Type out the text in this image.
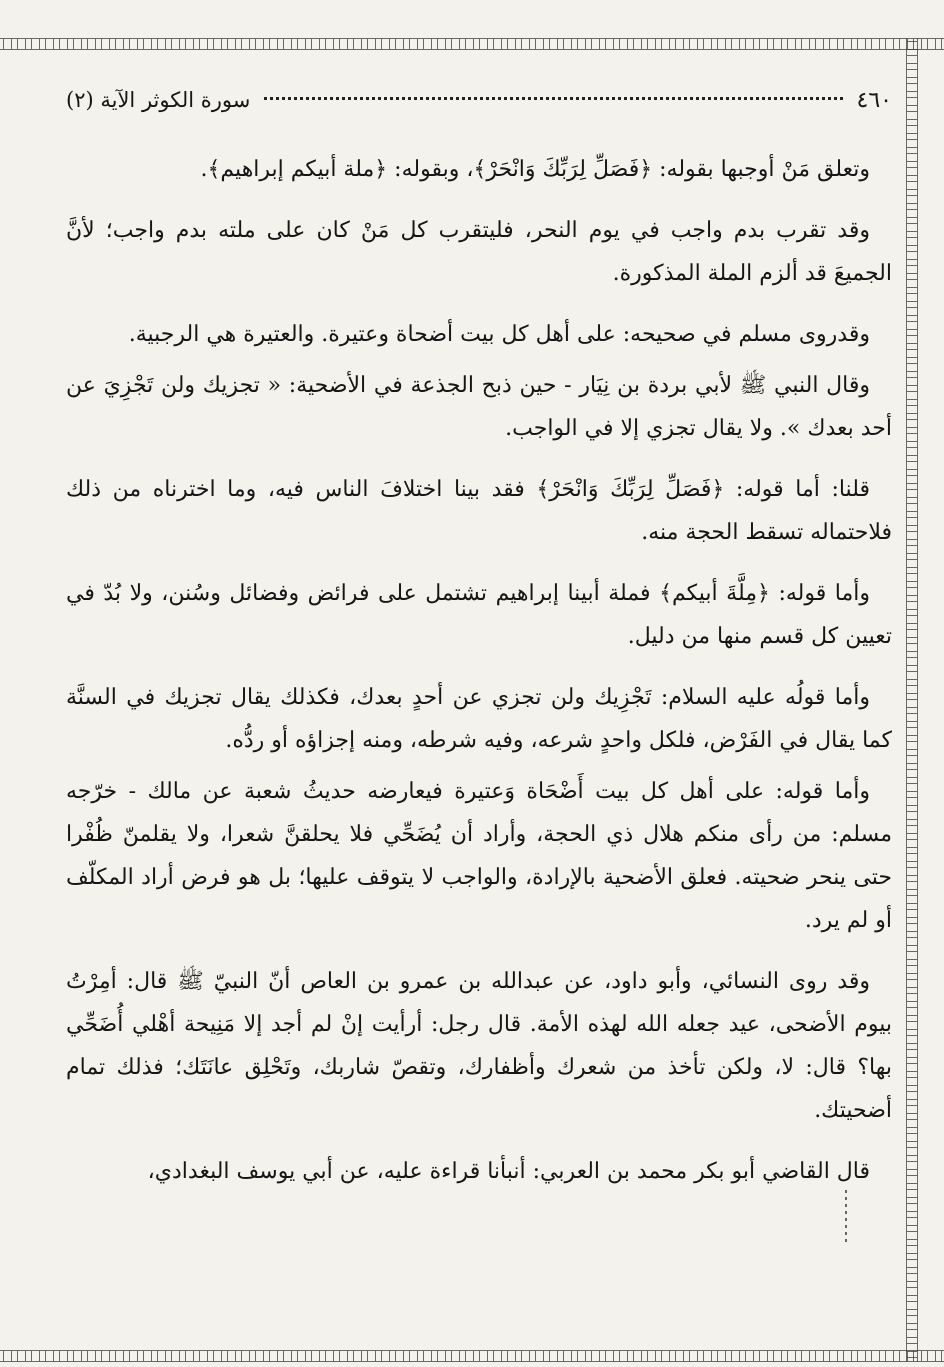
٤٦٠
سورة الكوثر الآية (٢)

وتعلق مَنْ أوجبها بقوله: ﴿فَصَلِّ لِرَبِّكَ وَانْحَرْ﴾، وبقوله: ﴿ملة أبيكم إبراهيم﴾.

وقد تقرب بدم واجب في يوم النحر، فليتقرب كل مَنْ كان على ملته بدم واجب؛ لأنَّ الجميعَ قد ألزم الملة المذكورة.

وقدروى مسلم في صحيحه: على أهل كل بيت أضحاة وعتيرة. والعتيرة هي الرجبية.

وقال النبي ﷺ لأبي بردة بن نِيَار - حين ذبح الجذعة في الأضحية: « تجزيك ولن تَجْزِيَ عن أحد بعدك ». ولا يقال تجزي إلا في الواجب.

قلنا: أما قوله: ﴿فَصَلِّ لِرَبِّكَ وَانْحَرْ﴾ فقد بينا اختلافَ الناس فيه، وما اخترناه من ذلك فلاحتماله تسقط الحجة منه.

وأما قوله: ﴿مِلَّةَ أبيكم﴾ فملة أبينا إبراهيم تشتمل على فرائض وفضائل وسُنن، ولا بُدّ في تعيين كل قسم منها من دليل.

وأما قولُه عليه السلام: تَجْزِيك ولن تجزي عن أحدٍ بعدك، فكذلك يقال تجزيك في السنَّة كما يقال في الفَرْض، فلكل واحدٍ شرعه، وفيه شرطه، ومنه إجزاؤه أو ردُّه.

وأما قوله: على أهل كل بيت أَضْحَاة وَعتيرة فيعارضه حديثُ شعبة عن مالك - خرّجه مسلم: من رأى منكم هلال ذي الحجة، وأراد أن يُضَحِّي فلا يحلقنَّ شعرا، ولا يقلمنّ ظُفْرا حتى ينحر ضحيته. فعلق الأضحية بالإرادة، والواجب لا يتوقف عليها؛ بل هو فرض أراد المكلّف أو لم يرد.

وقد روى النسائي، وأبو داود، عن عبدالله بن عمرو بن العاص أنّ النبيّ ﷺ قال: أمِرْتُ بيوم الأضحى، عيد جعله الله لهذه الأمة. قال رجل: أرأيت إنْ لم أجد إلا مَنِيحة أهْلي أُضَحِّي بها؟ قال: لا، ولكن تأخذ من شعرك وأظفارك، وتقصّ شاربك، وتَحْلِق عانَتَك؛ فذلك تمام أضحيتك.

قال القاضي أبو بكر محمد بن العربي: أنبأنا قراءة عليه، عن أبي يوسف البغدادي،
